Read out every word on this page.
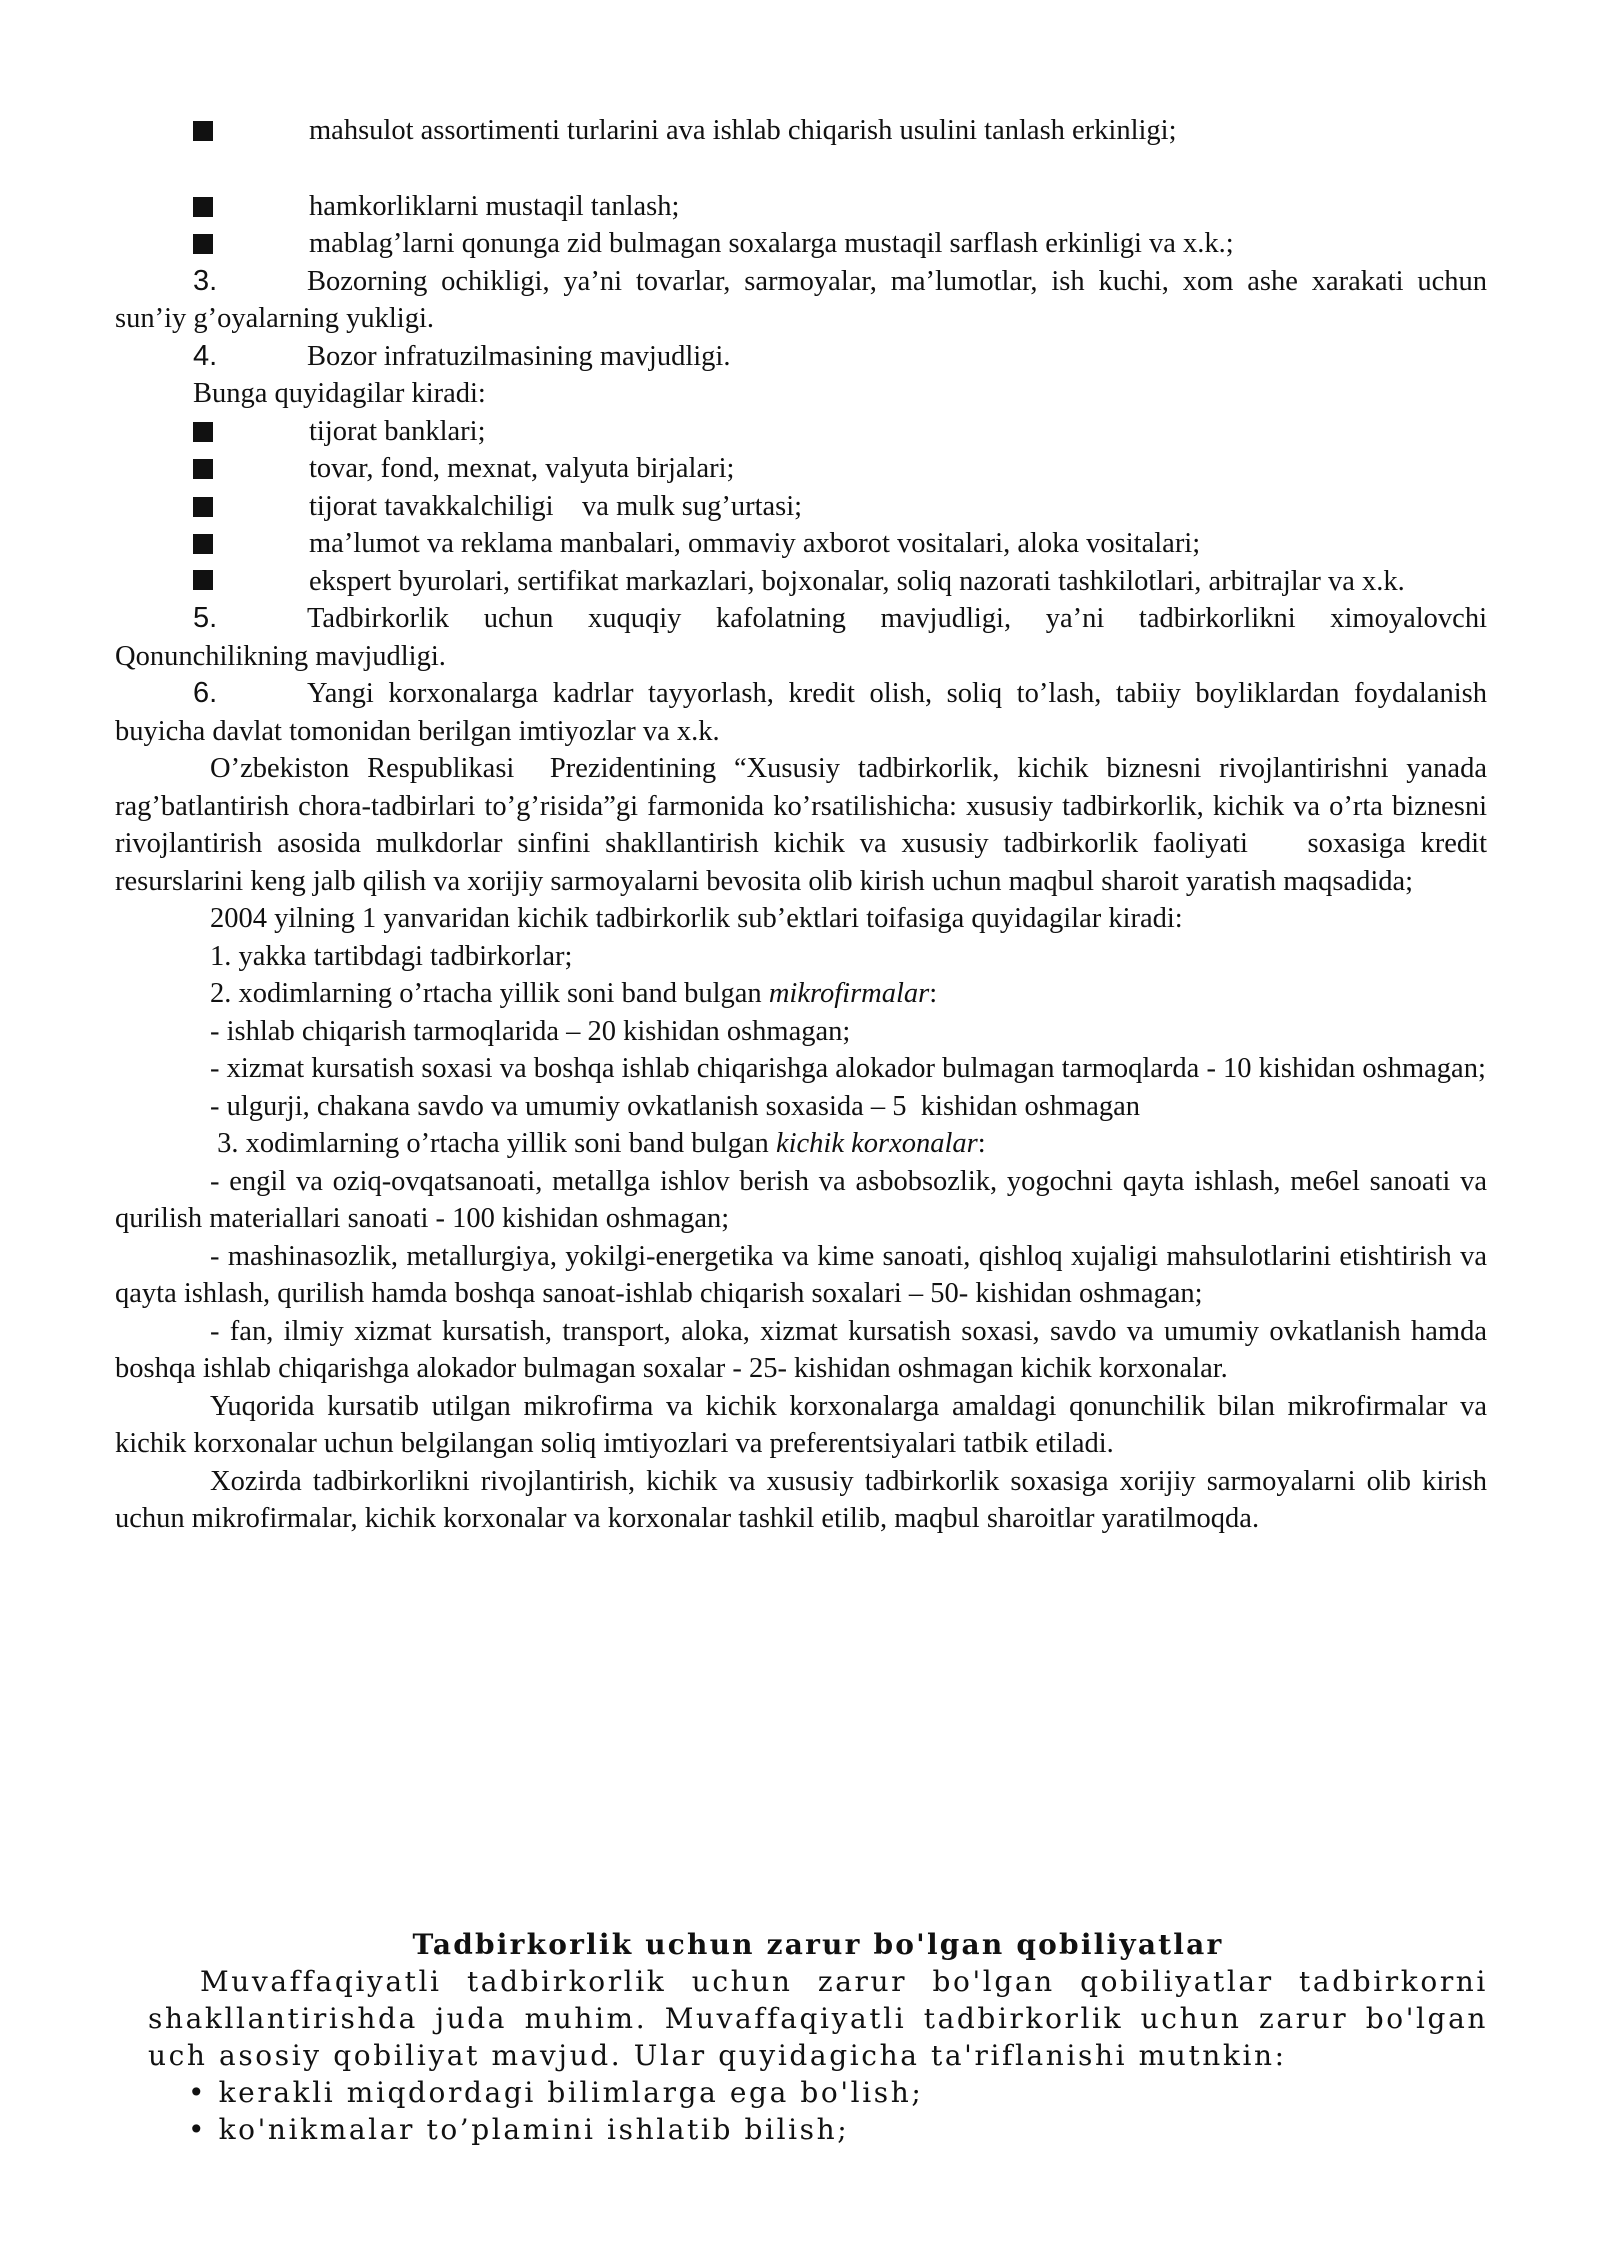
mahsulot assortimenti turlarini ava ishlab chiqarish usulini tanlash erkinligi;
hamkorliklarni mustaqil tanlash;
mablag’larni qonunga zid bulmagan soxalarga mustaqil sarflash erkinligi va x.k.;

3.	Bozorning ochikligi, ya’ni tovarlar, sarmoyalar, ma’lumotlar, ish kuchi, xom ashe xarakati uchun sun’iy g’oyalarning yukligi.

4.	Bozor infratuzilmasining mavjudligi.

Bunga quyidagilar kiradi:

tijorat banklari;
tovar, fond, mexnat, valyuta birjalari;
tijorat tavakkalchiligi    va mulk sug’urtasi;
ma’lumot va reklama manbalari, ommaviy axborot vositalari, aloka vositalari;

ekspert byurolari, sertifikat markazlari, bojxonalar, soliq nazorati tashkilotlari, arbitrajlar va x.k.

5.	Tadbirkorlik uchun xuquqiy kafolatning mavjudligi, ya’ni tadbirkorlikni ximoyalovchi Qonunchilikning mavjudligi.

6.	Yangi korxonalarga kadrlar tayyorlash, kredit olish, soliq to’lash, tabiiy boyliklardan foydalanish buyicha davlat tomonidan berilgan imtiyozlar va x.k.

O’zbekiston Respublikasi  Prezidentining “Xususiy tadbirkorlik, kichik biznesni rivojlantirishni yanada rag’batlantirish chora-tadbirlari to’g’risida”gi farmonida ko’rsatilishicha: xususiy tadbirkorlik, kichik va o’rta biznesni rivojlantirish asosida mulkdorlar sinfini shakllantirish kichik va xususiy tadbirkorlik faoliyati    soxasiga kredit resurslarini keng jalb qilish va xorijiy sarmoyalarni bevosita olib kirish uchun maqbul sharoit yaratish maqsadida;

2004 yilning 1 yanvaridan kichik tadbirkorlik sub’ektlari toifasiga quyidagilar kiradi:

1. yakka tartibdagi tadbirkorlar;

2. xodimlarning o’rtacha yillik soni band bulgan mikrofirmalar:

- ishlab chiqarish tarmoqlarida – 20 kishidan oshmagan;

- xizmat kursatish soxasi va boshqa ishlab chiqarishga alokador bulmagan tarmoqlarda - 10 kishidan oshmagan;

- ulgurji, chakana savdo va umumiy ovkatlanish soxasida – 5  kishidan oshmagan

3. xodimlarning o’rtacha yillik soni band bulgan kichik korxonalar:

- engil va oziq-ovqatsanoati, metallga ishlov berish va asbobsozlik, yogochni qayta ishlash, me6el sanoati va qurilish materiallari sanoati - 100 kishidan oshmagan;

- mashinasozlik, metallurgiya, yokilgi-energetika va kime sanoati, qishloq xujaligi mahsulotlarini etishtirish va qayta ishlash, qurilish hamda boshqa sanoat-ishlab chiqarish soxalari – 50- kishidan oshmagan;

- fan, ilmiy xizmat kursatish, transport, aloka, xizmat kursatish soxasi, savdo va umumiy ovkatlanish hamda boshqa ishlab chiqarishga alokador bulmagan soxalar - 25- kishidan oshmagan kichik korxonalar.

Yuqorida kursatib utilgan mikrofirma va kichik korxonalarga amaldagi qonunchilik bilan mikrofirmalar va kichik korxonalar uchun belgilangan soliq imtiyozlari va preferentsiyalari tatbik etiladi.

Xozirda tadbirkorlikni rivojlantirish, kichik va xususiy tadbirkorlik soxasiga xorijiy sarmoyalarni olib kirish uchun mikrofirmalar, kichik korxonalar va korxonalar tashkil etilib, maqbul sharoitlar yaratilmoqda.

Tadbirkorlik uchun zarur bo'lgan qobiliyatlar

Muvaffaqiyatli tadbirkorlik uchun zarur bo'lgan qobiliyatlar tadbirkorni shakllantirishda juda muhim. Muvaffaqiyatli tadbirkorlik uchun zarur bo'lgan uch asosiy qobiliyat mavjud. Ular quyidagicha ta'riflanishi mutnkin:

• kerakli miqdordagi bilimlarga ega bo'lish;

• ko'nikmalar to’plamini ishlatib bilish;
